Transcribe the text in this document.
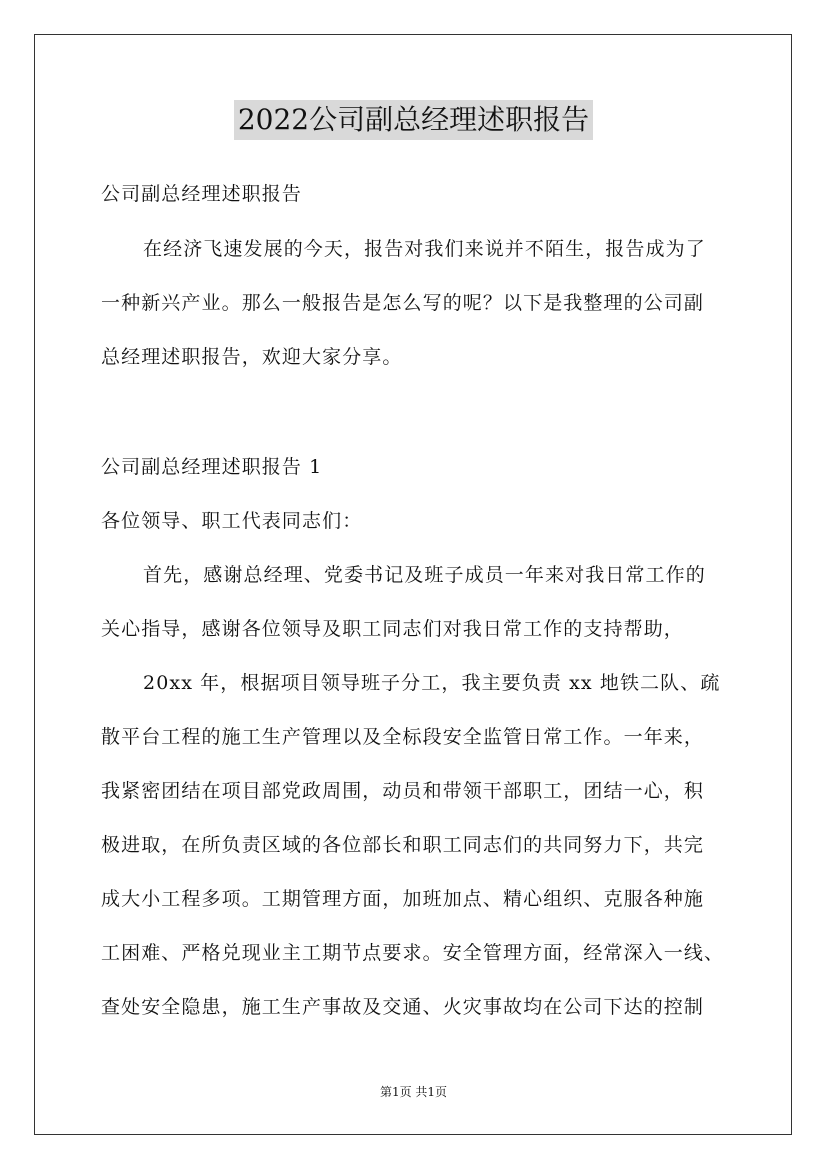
2022公司副总经理述职报告
公司副总经理述职报告
在经济飞速发展的今天，报告对我们来说并不陌生，报告成为了
一种新兴产业。那么一般报告是怎么写的呢？以下是我整理的公司副
总经理述职报告，欢迎大家分享。
公司副总经理述职报告 1
各位领导、职工代表同志们：
首先，感谢总经理、党委书记及班子成员一年来对我日常工作的
关心指导，感谢各位领导及职工同志们对我日常工作的支持帮助，
20xx 年，根据项目领导班子分工，我主要负责 xx 地铁二队、疏
散平台工程的施工生产管理以及全标段安全监管日常工作。一年来，
我紧密团结在项目部党政周围，动员和带领干部职工，团结一心，积
极进取，在所负责区域的各位部长和职工同志们的共同努力下，共完
成大小工程多项。工期管理方面，加班加点、精心组织、克服各种施
工困难、严格兑现业主工期节点要求。安全管理方面，经常深入一线、
查处安全隐患，施工生产事故及交通、火灾事故均在公司下达的控制
第1页 共1页
